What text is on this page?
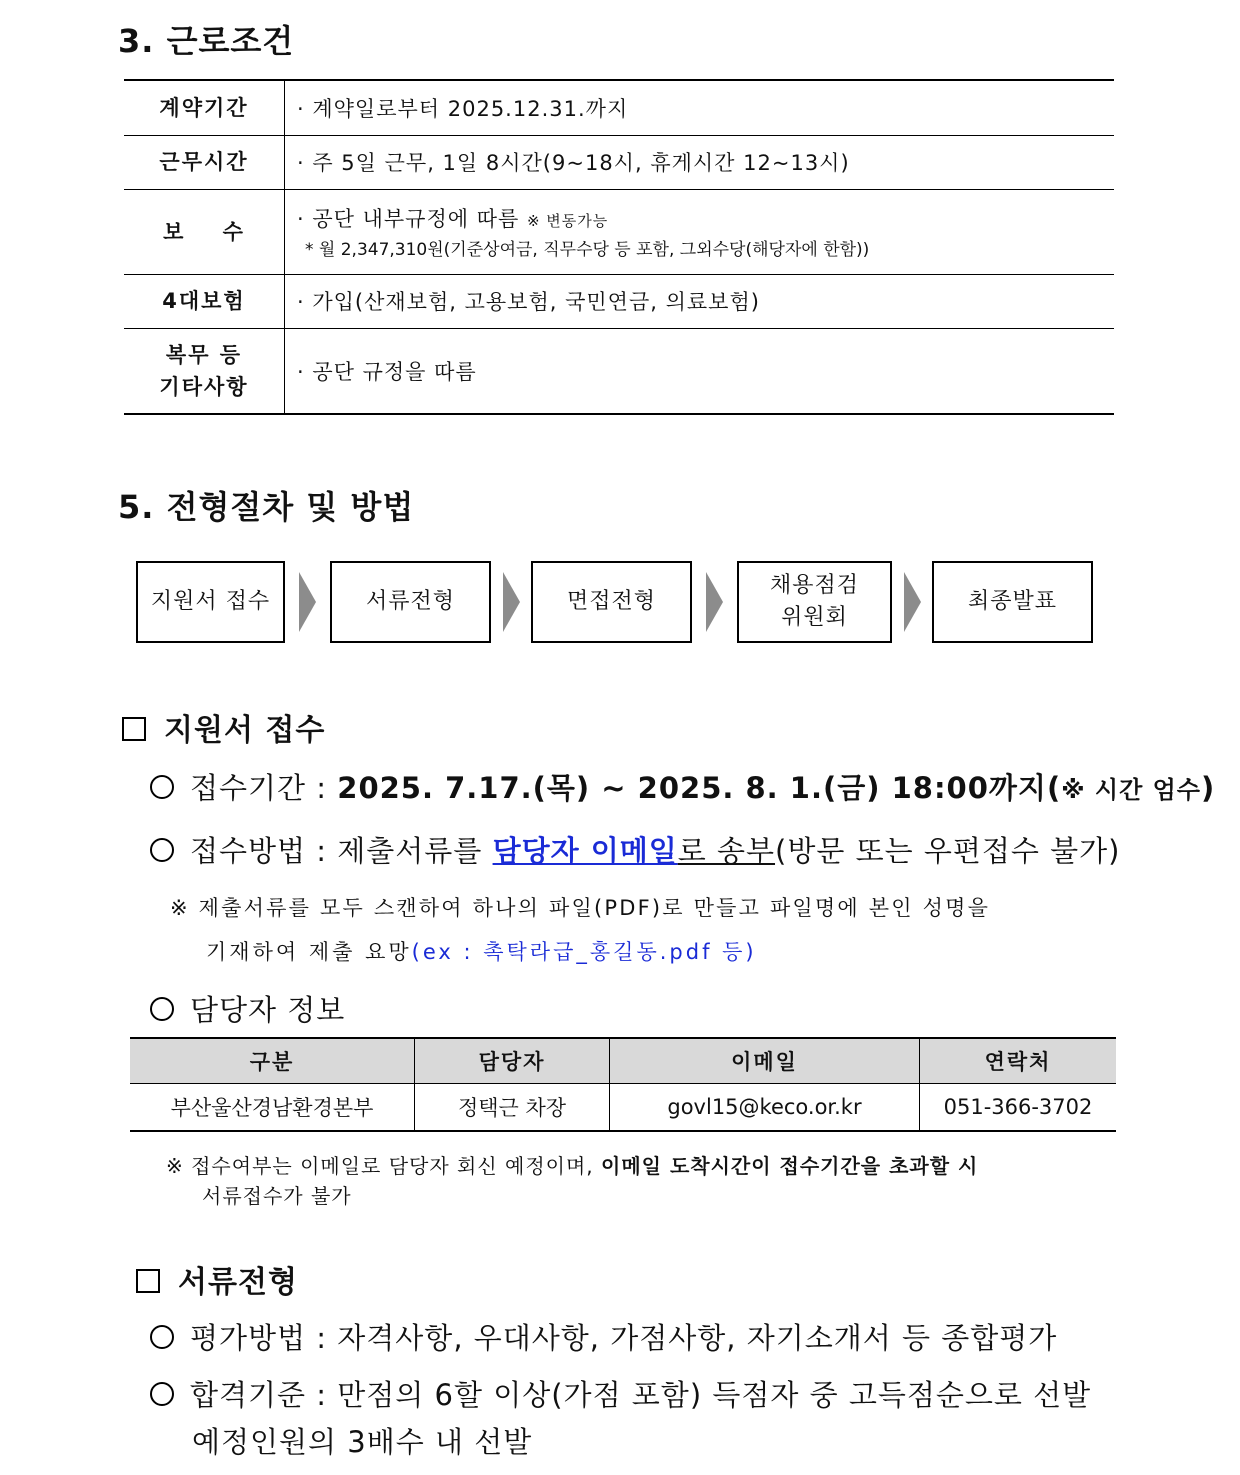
3. 근로조건
계약기간	· 계약일로부터 2025.12.31.까지
근무시간	· 주 5일 근무, 1일 8시간(9~18시, 휴게시간 12~13시)
보    수	· 공단 내부규정에 따름 ※ 변동가능
* 월 2,347,310원(기준상여금, 직무수당 등 포함, 그외수당(해당자에 한함))

4대보험	· 가입(산재보험, 고용보험, 국민연금, 의료보험)

복무 등
기타사항	· 공단 규정을 따름
5. 전형절차 및 방법
지원서 접수	서류전형	면접전형
채용점검
위원회
최종발표
지원서 접수
접수기간 : 2025. 7.17.(목) ~ 2025. 8. 1.(금) 18:00까지(※ 시간 엄수)
접수방법 : 제출서류를 담당자 이메일로 송부(방문 또는 우편접수 불가)
※ 제출서류를 모두 스캔하여 하나의 파일(PDF)로 만들고 파일명에 본인 성명을
기재하여 제출 요망(ex : 촉탁라급_홍길동.pdf 등)
담당자 정보
구분	담당자	이메일	연락처
부산울산경남환경본부	정택근 차장	govl15@keco.or.kr	051-366-3702
※ 접수여부는 이메일로 담당자 회신 예정이며, 이메일 도착시간이 접수기간을 초과할 시
서류접수가 불가
서류전형
평가방법 : 자격사항, 우대사항, 가점사항, 자기소개서 등 종합평가
합격기준 : 만점의 6할 이상(가점 포함) 득점자 중 고득점순으로 선발
예정인원의 3배수 내 선발
